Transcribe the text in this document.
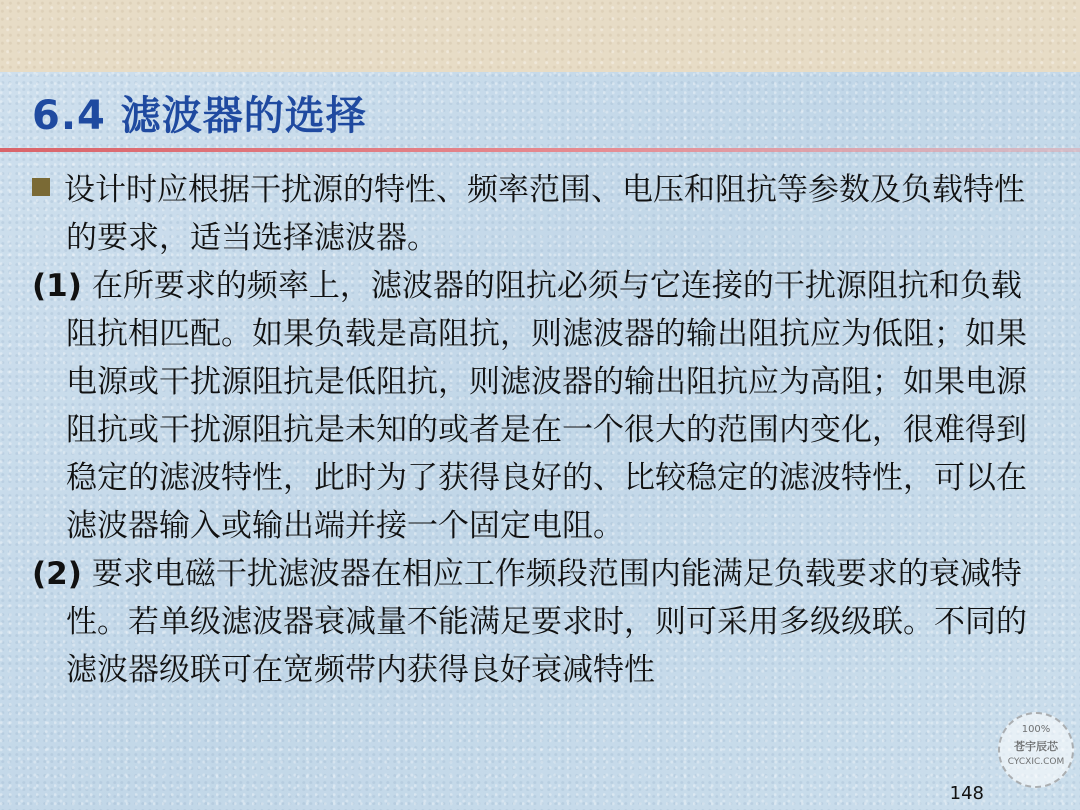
6.4 滤波器的选择

设计时应根据干扰源的特性、频率范围、电压和阻抗等参数及负载特性的要求，适当选择滤波器。

(1) 在所要求的频率上，滤波器的阻抗必须与它连接的干扰源阻抗和负载阻抗相匹配。如果负载是高阻抗，则滤波器的输出阻抗应为低阻；如果电源或干扰源阻抗是低阻抗，则滤波器的输出阻抗应为高阻；如果电源阻抗或干扰源阻抗是未知的或者是在一个很大的范围内变化，很难得到稳定的滤波特性，此时为了获得良好的、比较稳定的滤波特性，可以在滤波器输入或输出端并接一个固定电阻。

(2) 要求电磁干扰滤波器在相应工作频段范围内能满足负载要求的衰减特性。若单级滤波器衰减量不能满足要求时，则可采用多级级联。不同的滤波器级联可在宽频带内获得良好衰减特性

100%
苍宇辰芯
CYCXIC.COM
148
